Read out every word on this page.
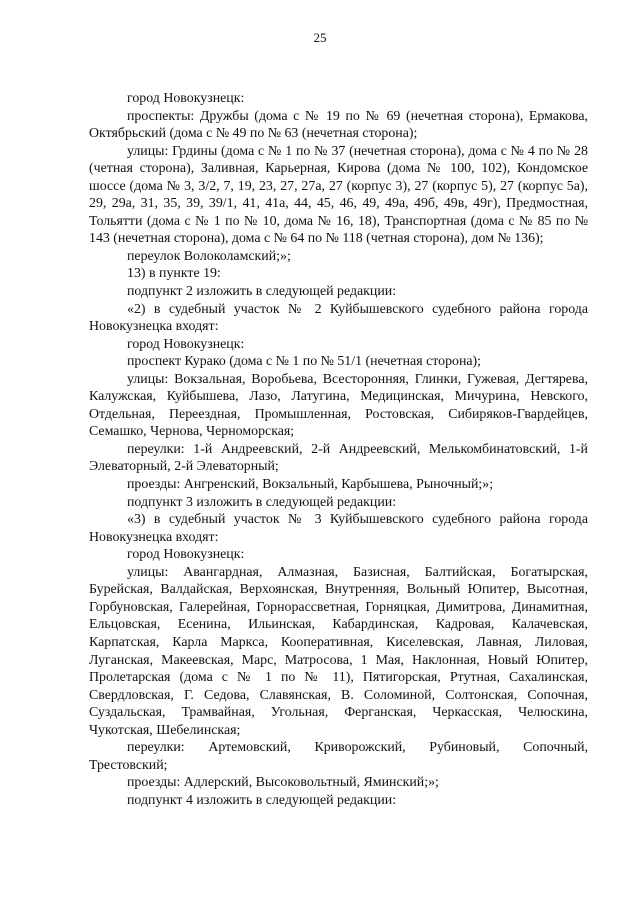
25

город Новокузнецк:

проспекты: Дружбы (дома с № 19 по № 69 (нечетная сторона), Ермакова, Октябрьский (дома с № 49 по № 63 (нечетная сторона);

улицы: Грдины (дома с № 1 по № 37 (нечетная сторона), дома с № 4 по № 28 (четная сторона), Заливная, Карьерная, Кирова (дома № 100, 102), Кондомское шоссе (дома № 3, 3/2, 7, 19, 23, 27, 27а, 27 (корпус 3), 27 (корпус 5), 27 (корпус 5а), 29, 29а, 31, 35, 39, 39/1, 41, 41а, 44, 45, 46, 49, 49а, 49б, 49в, 49г), Предмостная, Тольятти (дома с № 1 по № 10, дома № 16, 18), Транспортная (дома с № 85 по № 143 (нечетная сторона), дома с № 64 по № 118 (четная сторона), дом № 136);

переулок Волоколамский;»;

13) в пункте 19:

подпункт 2 изложить в следующей редакции:

«2) в судебный участок № 2 Куйбышевского судебного района города Новокузнецка входят:

город Новокузнецк:

проспект Курако (дома с № 1 по № 51/1 (нечетная сторона);

улицы: Вокзальная, Воробьева, Всесторонняя, Глинки, Гужевая, Дегтярева, Калужская, Куйбышева, Лазо, Латугина, Медицинская, Мичурина, Невского, Отдельная, Переездная, Промышленная, Ростовская, Сибиряков-Гвардейцев, Семашко, Чернова, Черноморская;

переулки: 1-й Андреевский, 2-й Андреевский, Мелькомбинатовский, 1-й Элеваторный, 2-й Элеваторный;

проезды: Ангренский, Вокзальный, Карбышева, Рыночный;»;

подпункт 3 изложить в следующей редакции:

«3) в судебный участок № 3 Куйбышевского судебного района города Новокузнецка входят:

город Новокузнецк:

улицы: Авангардная, Алмазная, Базисная, Балтийская, Богатырская, Бурейская, Валдайская, Верхоянская, Внутренняя, Вольный Юпитер, Высотная, Горбуновская, Галерейная, Горнорассветная, Горняцкая, Димитрова, Динамитная, Ельцовская, Есенина, Ильинская, Кабардинская, Кадровая, Калачевская, Карпатская, Карла Маркса, Кооперативная, Киселевская, Лавная, Лиловая, Луганская, Макеевская, Марс, Матросова, 1 Мая, Наклонная, Новый Юпитер, Пролетарская (дома с № 1 по № 11), Пятигорская, Ртутная, Сахалинская, Свердловская, Г. Седова, Славянская, В. Соломиной, Солтонская, Сопочная, Суздальская, Трамвайная, Угольная, Ферганская, Черкасская, Челюскина, Чукотская, Шебелинская;

переулки: Артемовский, Криворожский, Рубиновый, Сопочный, Трестовский;

проезды: Адлерский, Высоковольтный, Яминский;»;

подпункт 4 изложить в следующей редакции:
